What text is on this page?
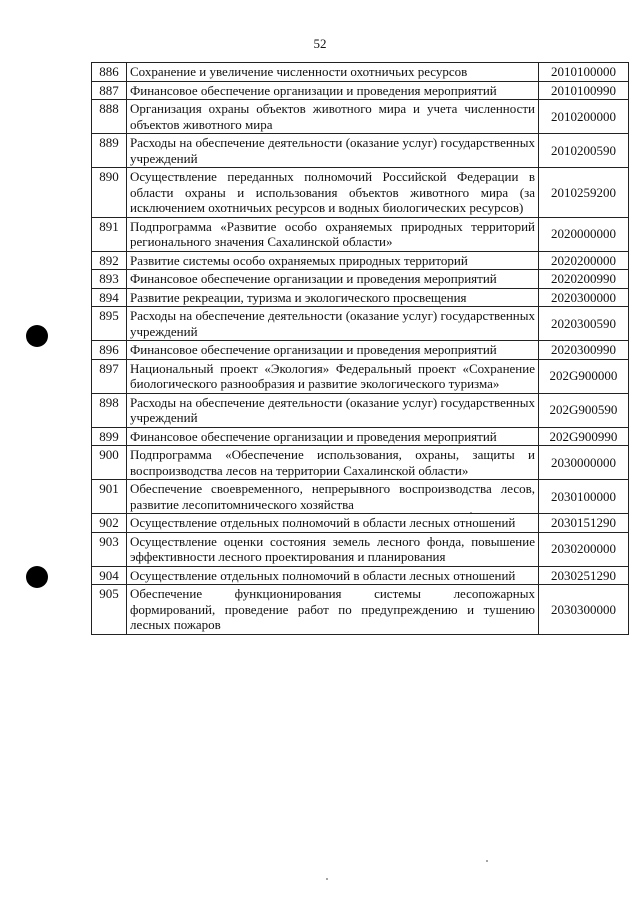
52
886	Сохранение и увеличение численности охотничьих ресурсов	2010100000
887	Финансовое обеспечение организации и проведения мероприятий	2010100990
888	Организация охраны объектов животного мира и учета численности объектов животного мира	2010200000
889	Расходы на обеспечение деятельности (оказание услуг) государственных учреждений	2010200590
890	Осуществление переданных полномочий Российской Федерации в области охраны и использования объектов животного мира (за исключением охотничьих ресурсов и водных биологических ресурсов)	2010259200
891	Подпрограмма «Развитие особо охраняемых природных территорий регионального значения Сахалинской области»	2020000000
892	Развитие системы особо охраняемых природных территорий	2020200000
893	Финансовое обеспечение организации и проведения мероприятий	2020200990
894	Развитие рекреации, туризма и экологического просвещения	2020300000
895	Расходы на обеспечение деятельности (оказание услуг) государственных учреждений	2020300590
896	Финансовое обеспечение организации и проведения мероприятий	2020300990
897	Национальный проект «Экология» Федеральный проект «Сохранение биологического разнообразия и развитие экологического туризма»	202G900000
898	Расходы на обеспечение деятельности (оказание услуг) государственных учреждений	202G900590
899	Финансовое обеспечение организации и проведения мероприятий	202G900990
900	Подпрограмма «Обеспечение использования, охраны, защиты и воспроизводства лесов на территории Сахалинской области»	2030000000
901	Обеспечение своевременного, непрерывного воспроизводства лесов, развитие лесопитомнического хозяйства	2030100000
902	Осуществление отдельных полномочий в области лесных отношений	2030151290
903	Осуществление оценки состояния земель лесного фонда, повышение эффективности лесного проектирования и планирования	2030200000
904	Осуществление отдельных полномочий в области лесных отношений	2030251290
905	Обеспечение функционирования системы лесопожарных формирований, проведение работ по предупреждению и тушению лесных пожаров	2030300000
